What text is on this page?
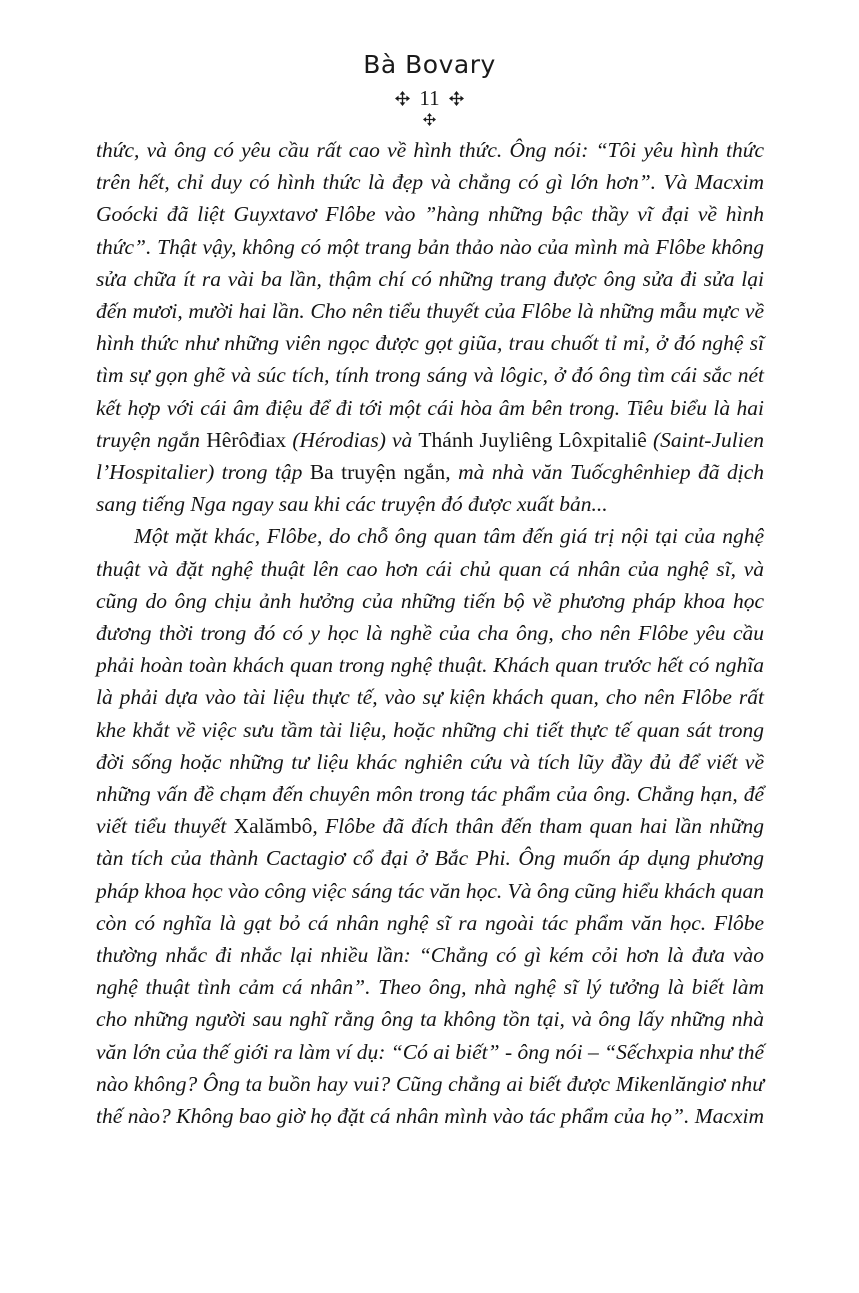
Bà Bovary
11

thức, và ông có yêu cầu rất cao về hình thức. Ông nói: “Tôi yêu hình thức trên hết, chỉ duy có hình thức là đẹp và chẳng có gì lớn hơn”. Và Macxim Goócki đã liệt Guyxtavơ Flôbe vào ”hàng những bậc thầy vĩ đại về hình thức”. Thật vậy, không có một trang bản thảo nào của mình mà Flôbe không sửa chữa ít ra vài ba lần, thậm chí có những trang được ông sửa đi sửa lại đến mươi, mười hai lần. Cho nên tiểu thuyết của Flôbe là những mẫu mực về hình thức như những viên ngọc được gọt giũa, trau chuốt tỉ mỉ, ở đó nghệ sĩ tìm sự gọn ghẽ và súc tích, tính trong sáng và lôgic, ở đó ông tìm cái sắc nét kết hợp với cái âm điệu để đi tới một cái hòa âm bên trong. Tiêu biểu là hai truyện ngắn Hêrôđiax (Hérodias) và Thánh Juyliêng Lôxpitaliê (Saint-Julien l’Hospitalier) trong tập Ba truyện ngắn, mà nhà văn Tuốcghênhiep đã dịch sang tiếng Nga ngay sau khi các truyện đó được xuất bản...

Một mặt khác, Flôbe, do chỗ ông quan tâm đến giá trị nội tại của nghệ thuật và đặt nghệ thuật lên cao hơn cái chủ quan cá nhân của nghệ sĩ, và cũng do ông chịu ảnh hưởng của những tiến bộ về phương pháp khoa học đương thời trong đó có y học là nghề của cha ông, cho nên Flôbe yêu cầu phải hoàn toàn khách quan trong nghệ thuật. Khách quan trước hết có nghĩa là phải dựa vào tài liệu thực tế, vào sự kiện khách quan, cho nên Flôbe rất khe khắt về việc sưu tầm tài liệu, hoặc những chi tiết thực tế quan sát trong đời sống hoặc những tư liệu khác nghiên cứu và tích lũy đầy đủ để viết về những vấn đề chạm đến chuyên môn trong tác phẩm của ông. Chẳng hạn, để viết tiểu thuyết Xalămbô, Flôbe đã đích thân đến tham quan hai lần những tàn tích của thành Cactagiơ cổ đại ở Bắc Phi. Ông muốn áp dụng phương pháp khoa học vào công việc sáng tác văn học. Và ông cũng hiểu khách quan còn có nghĩa là gạt bỏ cá nhân nghệ sĩ ra ngoài tác phẩm văn học. Flôbe thường nhắc đi nhắc lại nhiều lần: “Chẳng có gì kém cỏi hơn là đưa vào nghệ thuật tình cảm cá nhân”. Theo ông, nhà nghệ sĩ lý tưởng là biết làm cho những người sau nghĩ rằng ông ta không tồn tại, và ông lấy những nhà văn lớn của thế giới ra làm ví dụ: “Có ai biết” - ông nói – “Sếchxpia như thế nào không? Ông ta buồn hay vui? Cũng chẳng ai biết được Mikenlăngiơ như thế nào? Không bao giờ họ đặt cá nhân mình vào tác phẩm của họ”. Macxim
